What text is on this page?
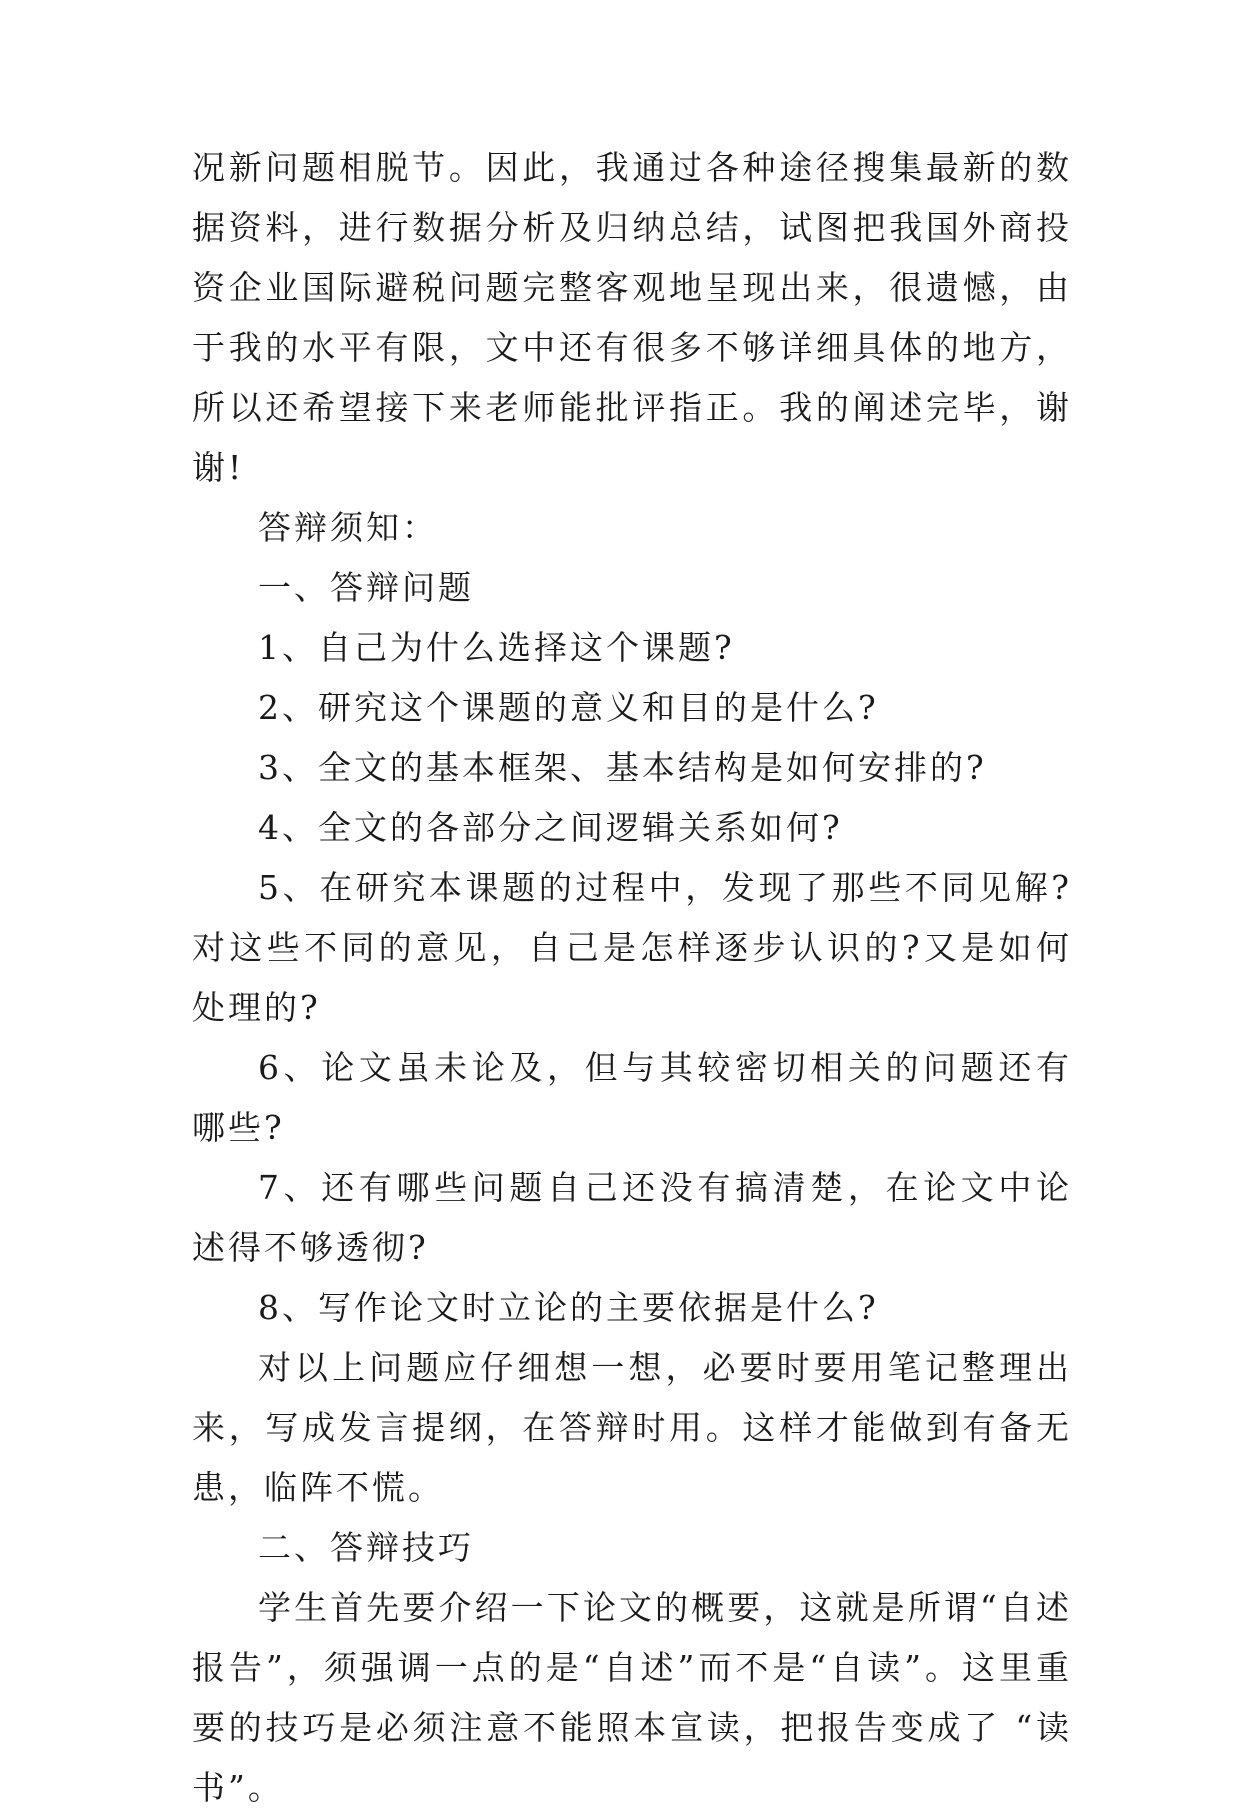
况新问题相脱节。因此，我通过各种途径搜集最新的数据资料，进行数据分析及归纳总结，试图把我国外商投资企业国际避税问题完整客观地呈现出来，很遗憾，由于我的水平有限，文中还有很多不够详细具体的地方，所以还希望接下来老师能批评指正。我的阐述完毕，谢谢!

答辩须知：

一、答辩问题

1、自己为什么选择这个课题?

2、研究这个课题的意义和目的是什么?

3、全文的基本框架、基本结构是如何安排的?

4、全文的各部分之间逻辑关系如何?

5、在研究本课题的过程中，发现了那些不同见解?对这些不同的意见，自己是怎样逐步认识的?又是如何处理的?

6、论文虽未论及，但与其较密切相关的问题还有哪些?

7、还有哪些问题自己还没有搞清楚，在论文中论述得不够透彻?

8、写作论文时立论的主要依据是什么?

对以上问题应仔细想一想，必要时要用笔记整理出来，写成发言提纲，在答辩时用。这样才能做到有备无患，临阵不慌。

二、答辩技巧

学生首先要介绍一下论文的概要，这就是所谓“自述报告”，须强调一点的是“自述”而不是“自读”。这里重要的技巧是必须注意不能照本宣读，把报告变成了 “读书”。
